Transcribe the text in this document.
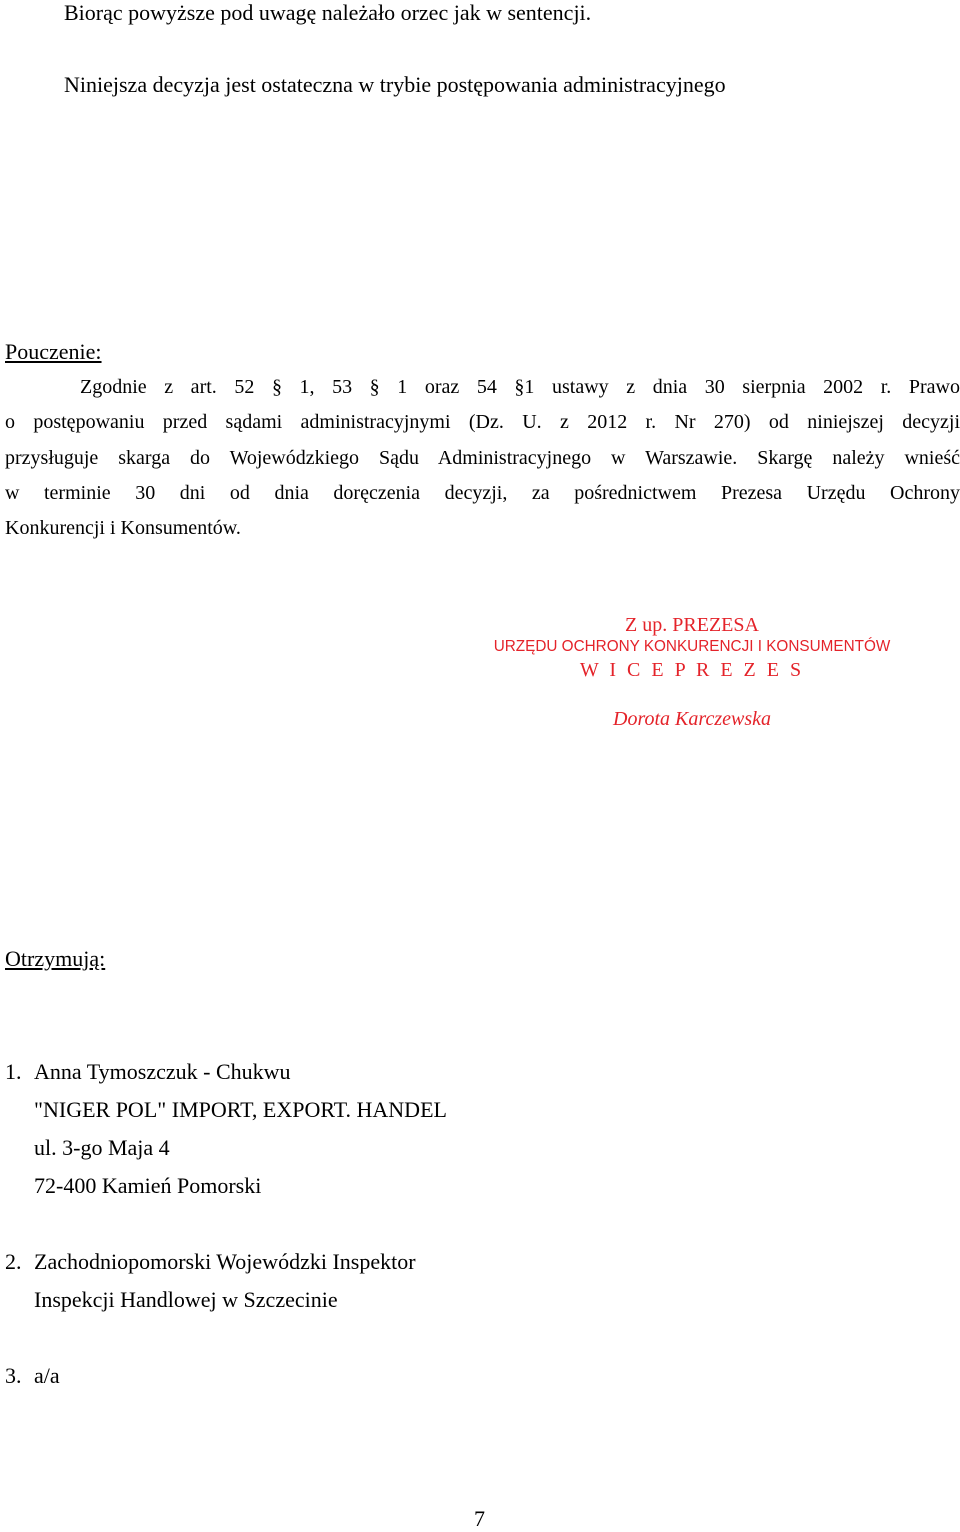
Biorąc powyższe pod uwagę należało orzec jak w sentencji.
Niniejsza decyzja jest ostateczna w trybie postępowania administracyjnego
Pouczenie:
Zgodnie z art. 52 § 1, 53 § 1 oraz 54 §1 ustawy z dnia 30 sierpnia 2002 r. Prawo
o postępowaniu przed sądami administracyjnymi (Dz. U. z 2012 r. Nr 270) od niniejszej decyzji
przysługuje skarga do Wojewódzkiego Sądu Administracyjnego w Warszawie. Skargę należy wnieść
w terminie 30 dni od dnia doręczenia decyzji, za pośrednictwem Prezesa Urzędu Ochrony
Konkurencji i Konsumentów.
Z up. PREZESA
URZĘDU OCHRONY KONKURENCJI I KONSUMENTÓW
W I C E P R E Z E S
Dorota Karczewska
Otrzymują:
1. Anna Tymoszczuk - Chukwu
"NIGER POL" IMPORT, EXPORT. HANDEL
ul. 3-go Maja 4
72-400 Kamień Pomorski
2. Zachodniopomorski Wojewódzki Inspektor
Inspekcji Handlowej w Szczecinie
3. a/a
7
